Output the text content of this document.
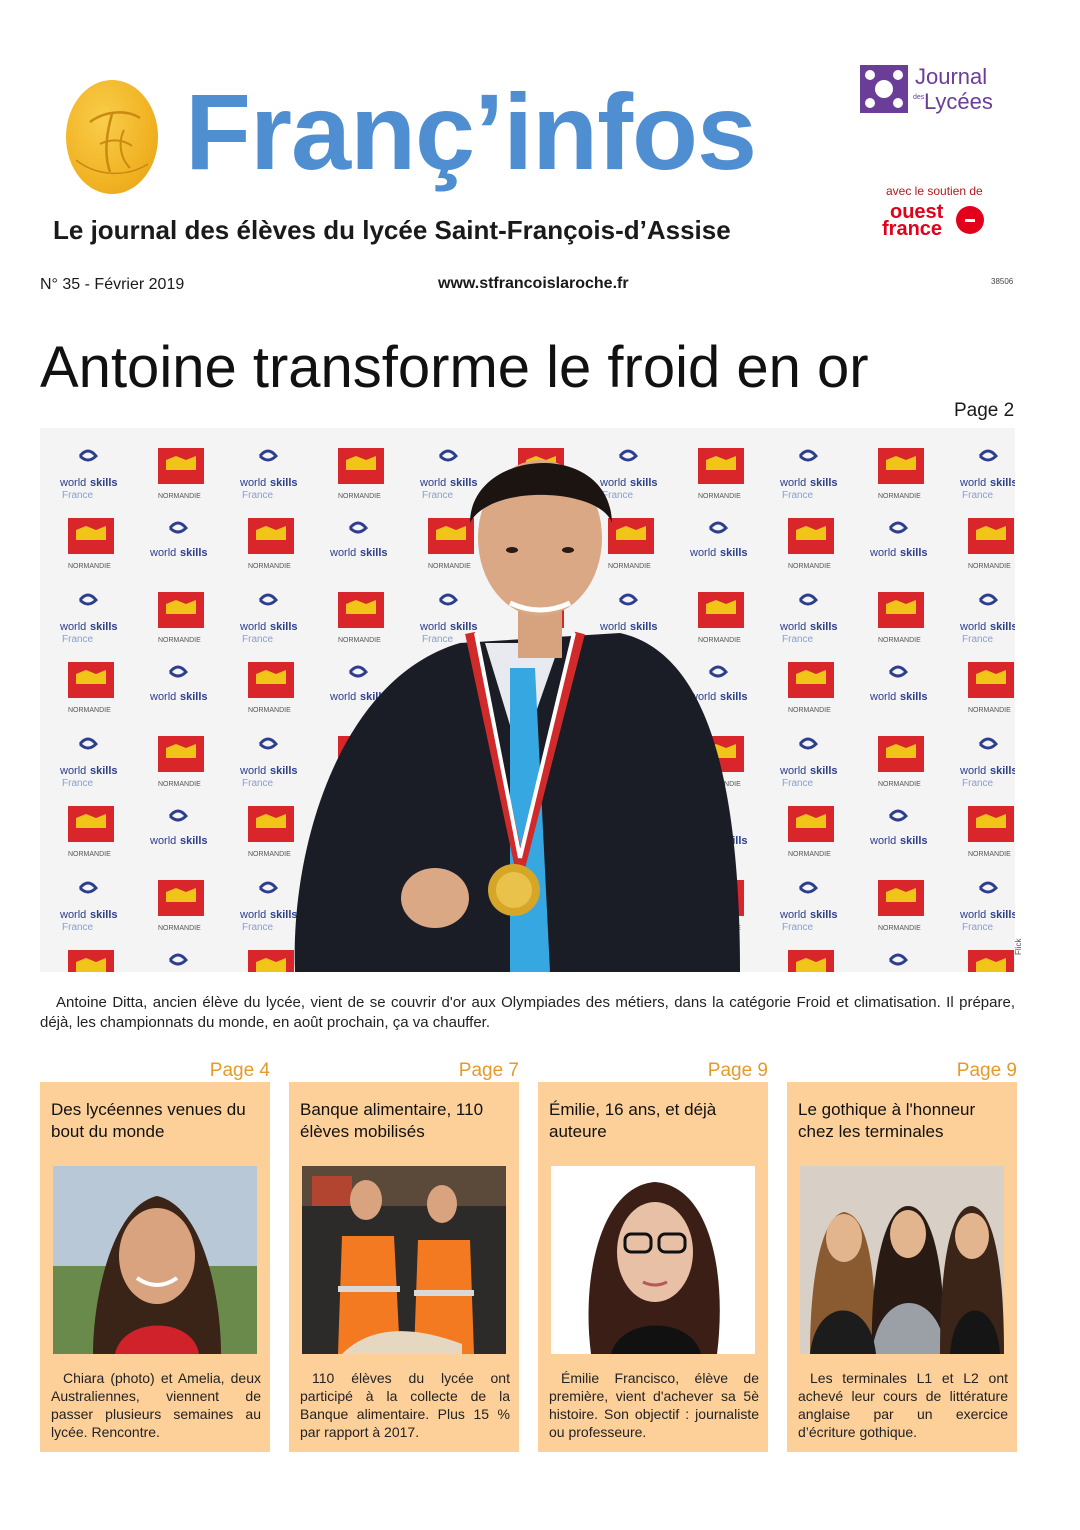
Franç’infos
Le journal des élèves du lycée Saint-François-d’Assise
Journal
des Lycées
avec le soutien de
ouest
france
N° 35 - Février 2019	www.stfrancoislaroche.fr	38506
Antoine transforme le froid en or
Page 2
Flick
Antoine Ditta, ancien élève du lycée, vient de se couvrir d'or aux Olympiades des métiers, dans la catégorie Froid et climatisation. Il prépare, déjà, les championnats du monde, en août prochain, ça va chauffer.
Page 4
Des lycéennes venues du bout du monde
Chiara (photo) et Amelia, deux Australiennes, viennent de passer plusieurs semaines au lycée. Rencontre.
Page 7
Banque alimentaire, 110 élèves mobilisés
110 élèves du lycée ont participé à la collecte de la Banque alimentaire. Plus 15 % par rapport à 2017.
Page 9
Émilie, 16 ans, et déjà auteure
Émilie Francisco, élève de première, vient d'achever sa 5è histoire. Son objectif : journaliste ou professeure.
Page 9
Le gothique à l'honneur chez les terminales
Les terminales L1 et L2 ont achevé leur cours de littérature anglaise par un exercice d’écriture gothique.
